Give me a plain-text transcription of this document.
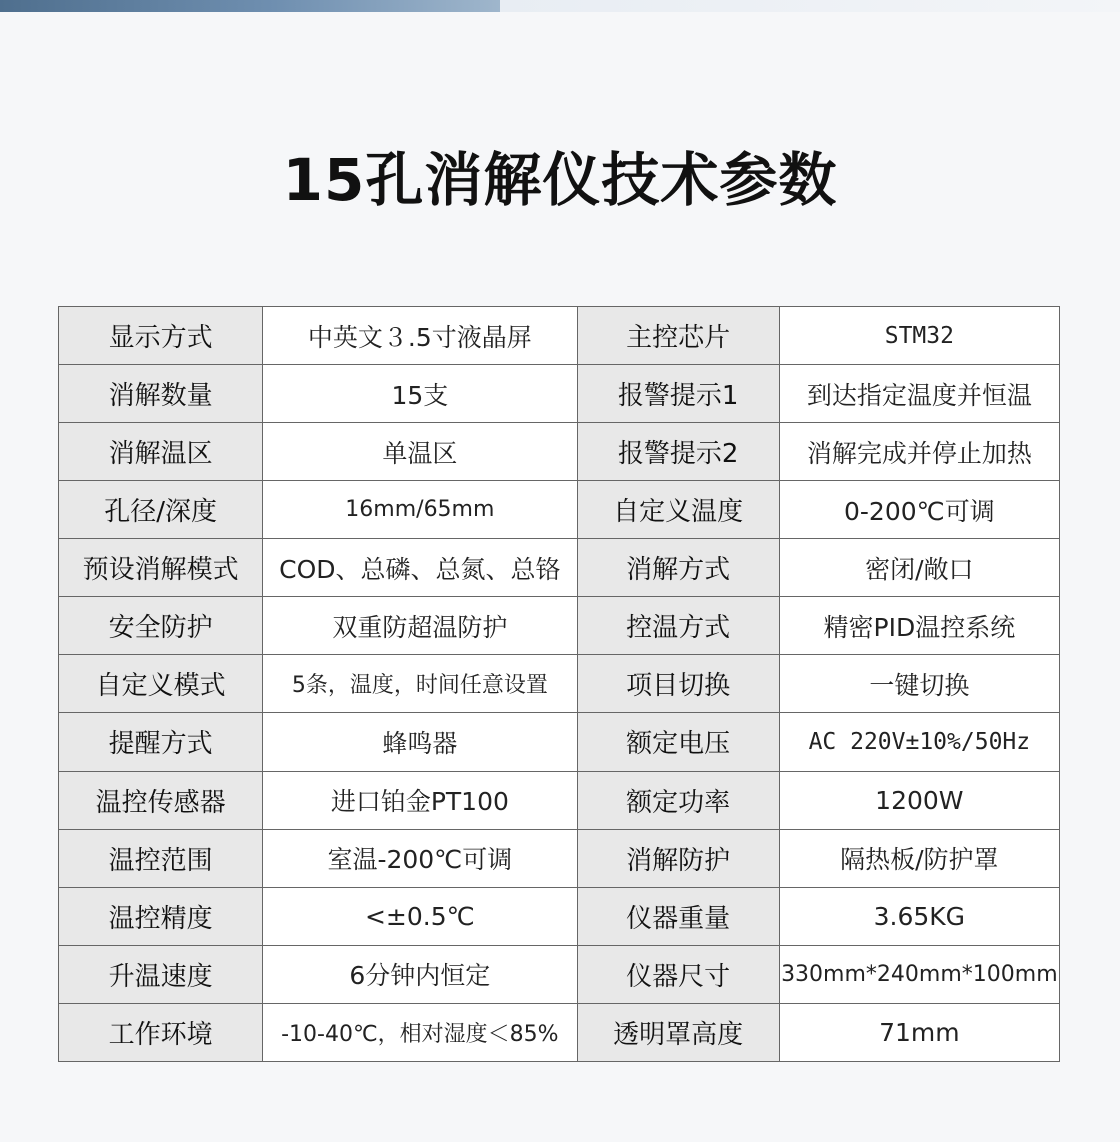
15孔消解仪技术参数
显示方式	中英文３.5寸液晶屏	主控芯片	STM32
消解数量	15支	报警提示1	到达指定温度并恒温
消解温区	单温区	报警提示2	消解完成并停止加热
孔径/深度	16mm/65mm	自定义温度	0-200℃可调
预设消解模式	COD、总磷、总氮、总铬	消解方式	密闭/敞口
安全防护	双重防超温防护	控温方式	精密PID温控系统
自定义模式	5条，温度，时间任意设置	项目切换	一键切换
提醒方式	蜂鸣器	额定电压	AC 220V±10%/50Hz
温控传感器	进口铂金PT100	额定功率	1200W
温控范围	室温-200℃可调	消解防护	隔热板/防护罩
温控精度	<±0.5℃	仪器重量	3.65KG
升温速度	6分钟内恒定	仪器尺寸	330mm*240mm*100mm
工作环境	-10-40℃，相对湿度＜85%	透明罩高度	71mm
